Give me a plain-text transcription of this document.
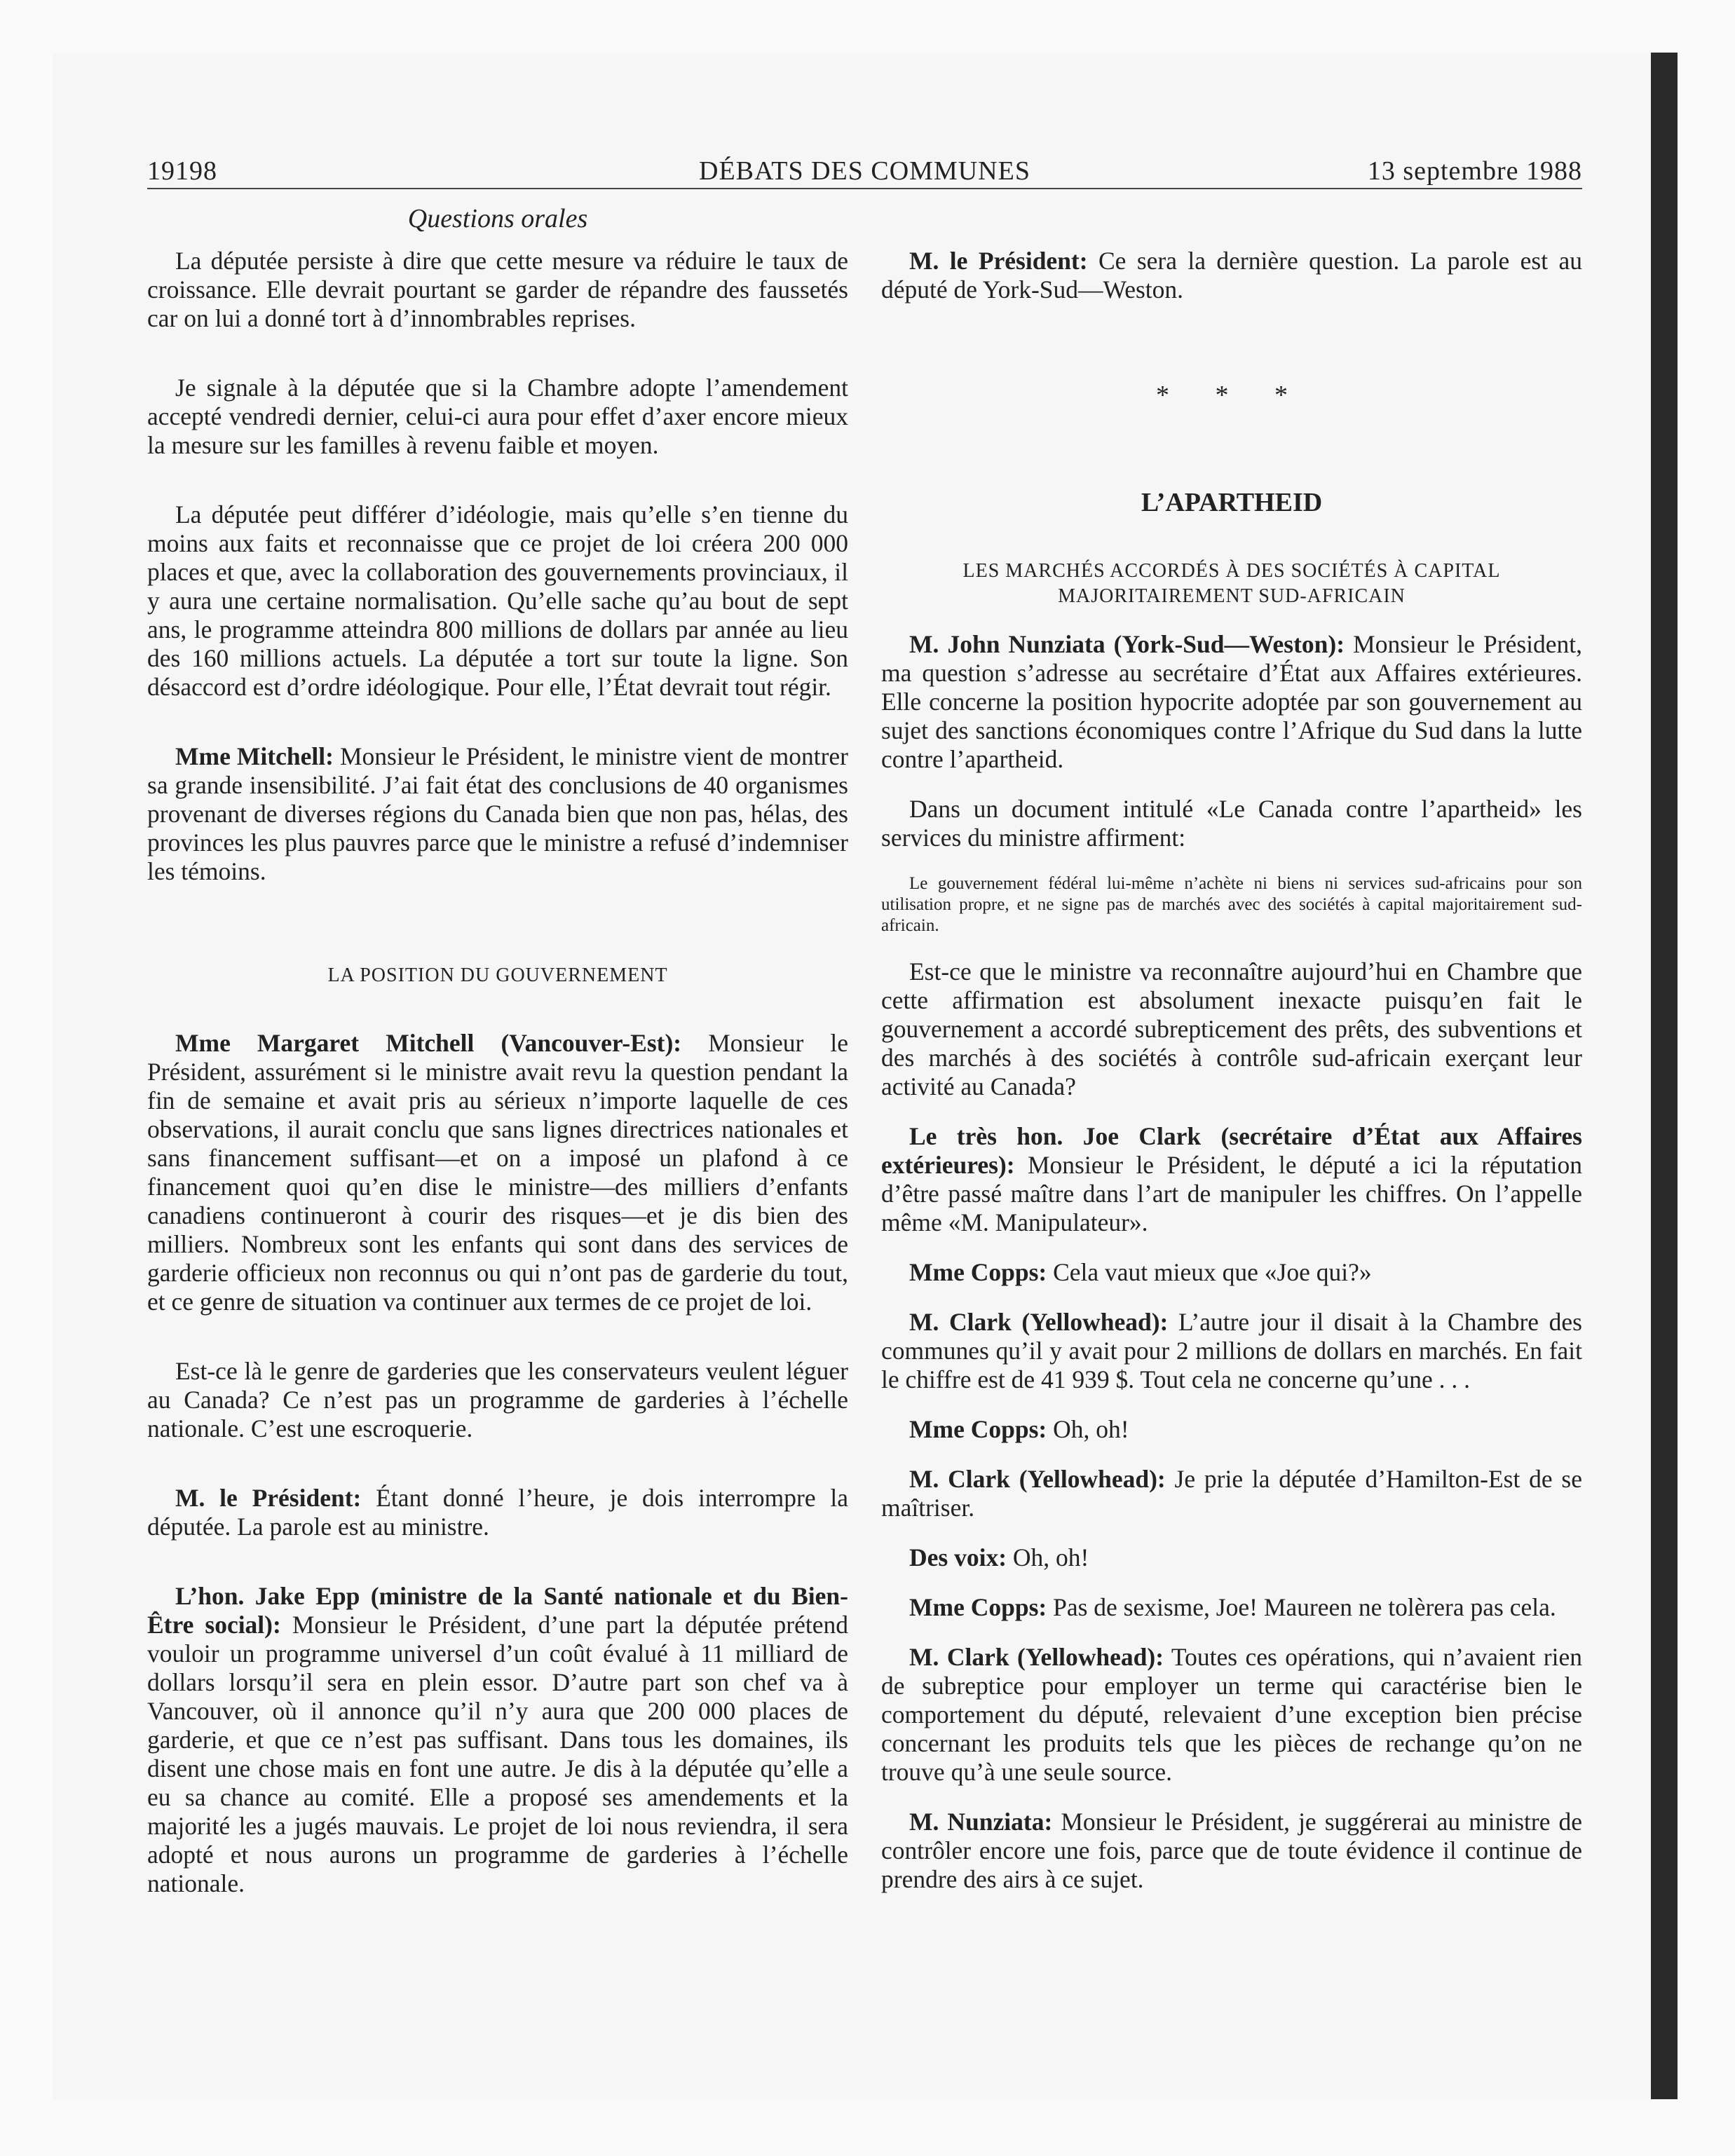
19198	DÉBATS DES COMMUNES	13 septembre 1988
Questions orales

La députée persiste à dire que cette mesure va réduire le taux de croissance. Elle devrait pourtant se garder de répandre des faussetés car on lui a donné tort à d’innombrables reprises.

Je signale à la députée que si la Chambre adopte l’amendement accepté vendredi dernier, celui-ci aura pour effet d’axer encore mieux la mesure sur les familles à revenu faible et moyen.

La députée peut différer d’idéologie, mais qu’elle s’en tienne du moins aux faits et reconnaisse que ce projet de loi créera 200 000 places et que, avec la collaboration des gouvernements provinciaux, il y aura une certaine normalisation. Qu’elle sache qu’au bout de sept ans, le programme atteindra 800 millions de dollars par année au lieu des 160 millions actuels. La députée a tort sur toute la ligne. Son désaccord est d’ordre idéologique. Pour elle, l’État devrait tout régir.

Mme Mitchell: Monsieur le Président, le ministre vient de montrer sa grande insensibilité. J’ai fait état des conclusions de 40 organismes provenant de diverses régions du Canada bien que non pas, hélas, des provinces les plus pauvres parce que le ministre a refusé d’indemniser les témoins.

LA POSITION DU GOUVERNEMENT

Mme Margaret Mitchell (Vancouver-Est): Monsieur le Président, assurément si le ministre avait revu la question pendant la fin de semaine et avait pris au sérieux n’importe laquelle de ces observations, il aurait conclu que sans lignes directrices nationales et sans financement suffisant—et on a imposé un plafond à ce financement quoi qu’en dise le ministre—des milliers d’enfants canadiens continueront à courir des risques—et je dis bien des milliers. Nombreux sont les enfants qui sont dans des services de garderie officieux non reconnus ou qui n’ont pas de garderie du tout, et ce genre de situation va continuer aux termes de ce projet de loi.

Est-ce là le genre de garderies que les conservateurs veulent léguer au Canada? Ce n’est pas un programme de garderies à l’échelle nationale. C’est une escroquerie.

M. le Président: Étant donné l’heure, je dois interrompre la députée. La parole est au ministre.

L’hon. Jake Epp (ministre de la Santé nationale et du Bien-Être social): Monsieur le Président, d’une part la députée prétend vouloir un programme universel d’un coût évalué à 11 milliard de dollars lorsqu’il sera en plein essor. D’autre part son chef va à Vancouver, où il annonce qu’il n’y aura que 200 000 places de garderie, et que ce n’est pas suffisant. Dans tous les domaines, ils disent une chose mais en font une autre. Je dis à la députée qu’elle a eu sa chance au comité. Elle a proposé ses amendements et la majorité les a jugés mauvais. Le projet de loi nous reviendra, il sera adopté et nous aurons un programme de garderies à l’échelle nationale.

M. le Président: Ce sera la dernière question. La parole est au député de York-Sud—Weston.

* * *
L’APARTHEID
LES MARCHÉS ACCORDÉS À DES SOCIÉTÉS À CAPITAL
MAJORITAIREMENT SUD-AFRICAIN

M. John Nunziata (York-Sud—Weston): Monsieur le Président, ma question s’adresse au secrétaire d’État aux Affaires extérieures. Elle concerne la position hypocrite adoptée par son gouvernement au sujet des sanctions économiques contre l’Afrique du Sud dans la lutte contre l’apartheid.

Dans un document intitulé «Le Canada contre l’apartheid» les services du ministre affirment:

Le gouvernement fédéral lui-même n’achète ni biens ni services sud-africains pour son utilisation propre, et ne signe pas de marchés avec des sociétés à capital majoritairement sud-africain.

Est-ce que le ministre va reconnaître aujourd’hui en Chambre que cette affirmation est absolument inexacte puisqu’en fait le gouvernement a accordé subrepticement des prêts, des subventions et des marchés à des sociétés à contrôle sud-africain exerçant leur activité au Canada?

Le très hon. Joe Clark (secrétaire d’État aux Affaires extérieures): Monsieur le Président, le député a ici la réputation d’être passé maître dans l’art de manipuler les chiffres. On l’appelle même «M. Manipulateur».

Mme Copps: Cela vaut mieux que «Joe qui?»

M. Clark (Yellowhead): L’autre jour il disait à la Chambre des communes qu’il y avait pour 2 millions de dollars en marchés. En fait le chiffre est de 41 939 $. Tout cela ne concerne qu’une . . .

Mme Copps: Oh, oh!

M. Clark (Yellowhead): Je prie la députée d’Hamilton-Est de se maîtriser.

Des voix: Oh, oh!

Mme Copps: Pas de sexisme, Joe! Maureen ne tolèrera pas cela.

M. Clark (Yellowhead): Toutes ces opérations, qui n’avaient rien de subreptice pour employer un terme qui caractérise bien le comportement du député, relevaient d’une exception bien précise concernant les produits tels que les pièces de rechange qu’on ne trouve qu’à une seule source.

M. Nunziata: Monsieur le Président, je suggérerai au ministre de contrôler encore une fois, parce que de toute évidence il continue de prendre des airs à ce sujet.
